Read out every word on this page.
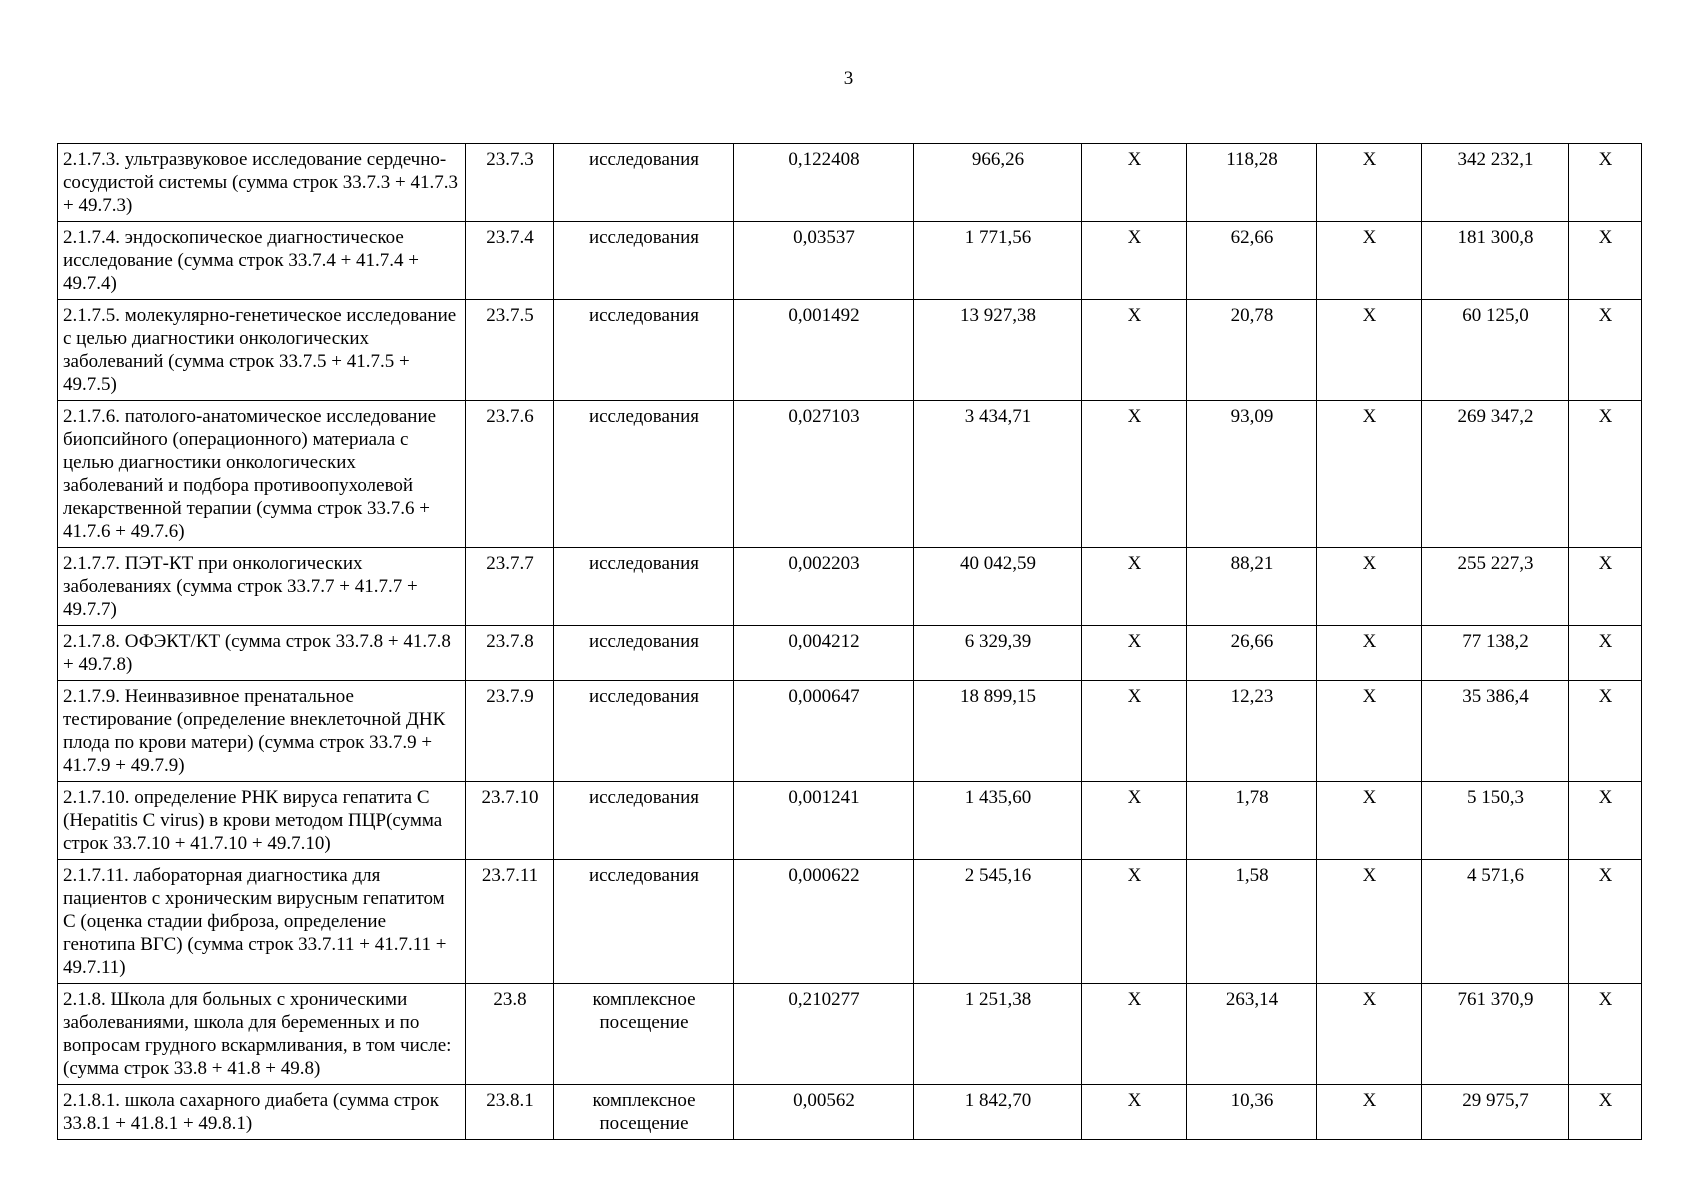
3
2.1.7.3. ультразвуковое исследование сердечно-сосудистой системы (сумма строк 33.7.3 + 41.7.3 + 49.7.3)	23.7.3	исследования	0,122408	966,26	X	118,28	X	342 232,1	X
2.1.7.4. эндоскопическое диагностическое исследование (сумма строк 33.7.4 + 41.7.4 + 49.7.4)	23.7.4	исследования	0,03537	1 771,56	X	62,66	X	181 300,8	X
2.1.7.5. молекулярно-генетическое исследование с целью диагностики онкологических заболеваний (сумма строк 33.7.5 + 41.7.5 + 49.7.5)	23.7.5	исследования	0,001492	13 927,38	X	20,78	X	60 125,0	X
2.1.7.6. патолого-анатомическое исследование биопсийного (операционного) материала с целью диагностики онкологических заболеваний и подбора противоопухолевой лекарственной терапии (сумма строк 33.7.6 + 41.7.6 + 49.7.6)	23.7.6	исследования	0,027103	3 434,71	X	93,09	X	269 347,2	X
2.1.7.7. ПЭТ-КТ при онкологических заболеваниях (сумма строк 33.7.7 + 41.7.7 + 49.7.7)	23.7.7	исследования	0,002203	40 042,59	X	88,21	X	255 227,3	X
2.1.7.8. ОФЭКТ/КТ (сумма строк 33.7.8 + 41.7.8 + 49.7.8)	23.7.8	исследования	0,004212	6 329,39	X	26,66	X	77 138,2	X
2.1.7.9. Неинвазивное пренатальное тестирование (определение внеклеточной ДНК плода по крови матери) (сумма строк 33.7.9 + 41.7.9 + 49.7.9)	23.7.9	исследования	0,000647	18 899,15	X	12,23	X	35 386,4	X
2.1.7.10. определение РНК вируса гепатита C (Hepatitis C virus) в крови методом ПЦР(сумма строк 33.7.10 + 41.7.10 + 49.7.10)	23.7.10	исследования	0,001241	1 435,60	X	1,78	X	5 150,3	X
2.1.7.11. лабораторная диагностика для пациентов с хроническим вирусным гепатитом C (оценка стадии фиброза, определение генотипа ВГС) (сумма строк 33.7.11 + 41.7.11 + 49.7.11)	23.7.11	исследования	0,000622	2 545,16	X	1,58	X	4 571,6	X
2.1.8. Школа для больных с хроническими заболеваниями, школа для беременных и по вопросам грудного вскармливания, в том числе: (сумма строк 33.8 + 41.8 + 49.8)	23.8	комплексное посещение	0,210277	1 251,38	X	263,14	X	761 370,9	X
2.1.8.1. школа сахарного диабета (сумма строк 33.8.1 + 41.8.1 + 49.8.1)	23.8.1	комплексное посещение	0,00562	1 842,70	X	10,36	X	29 975,7	X
